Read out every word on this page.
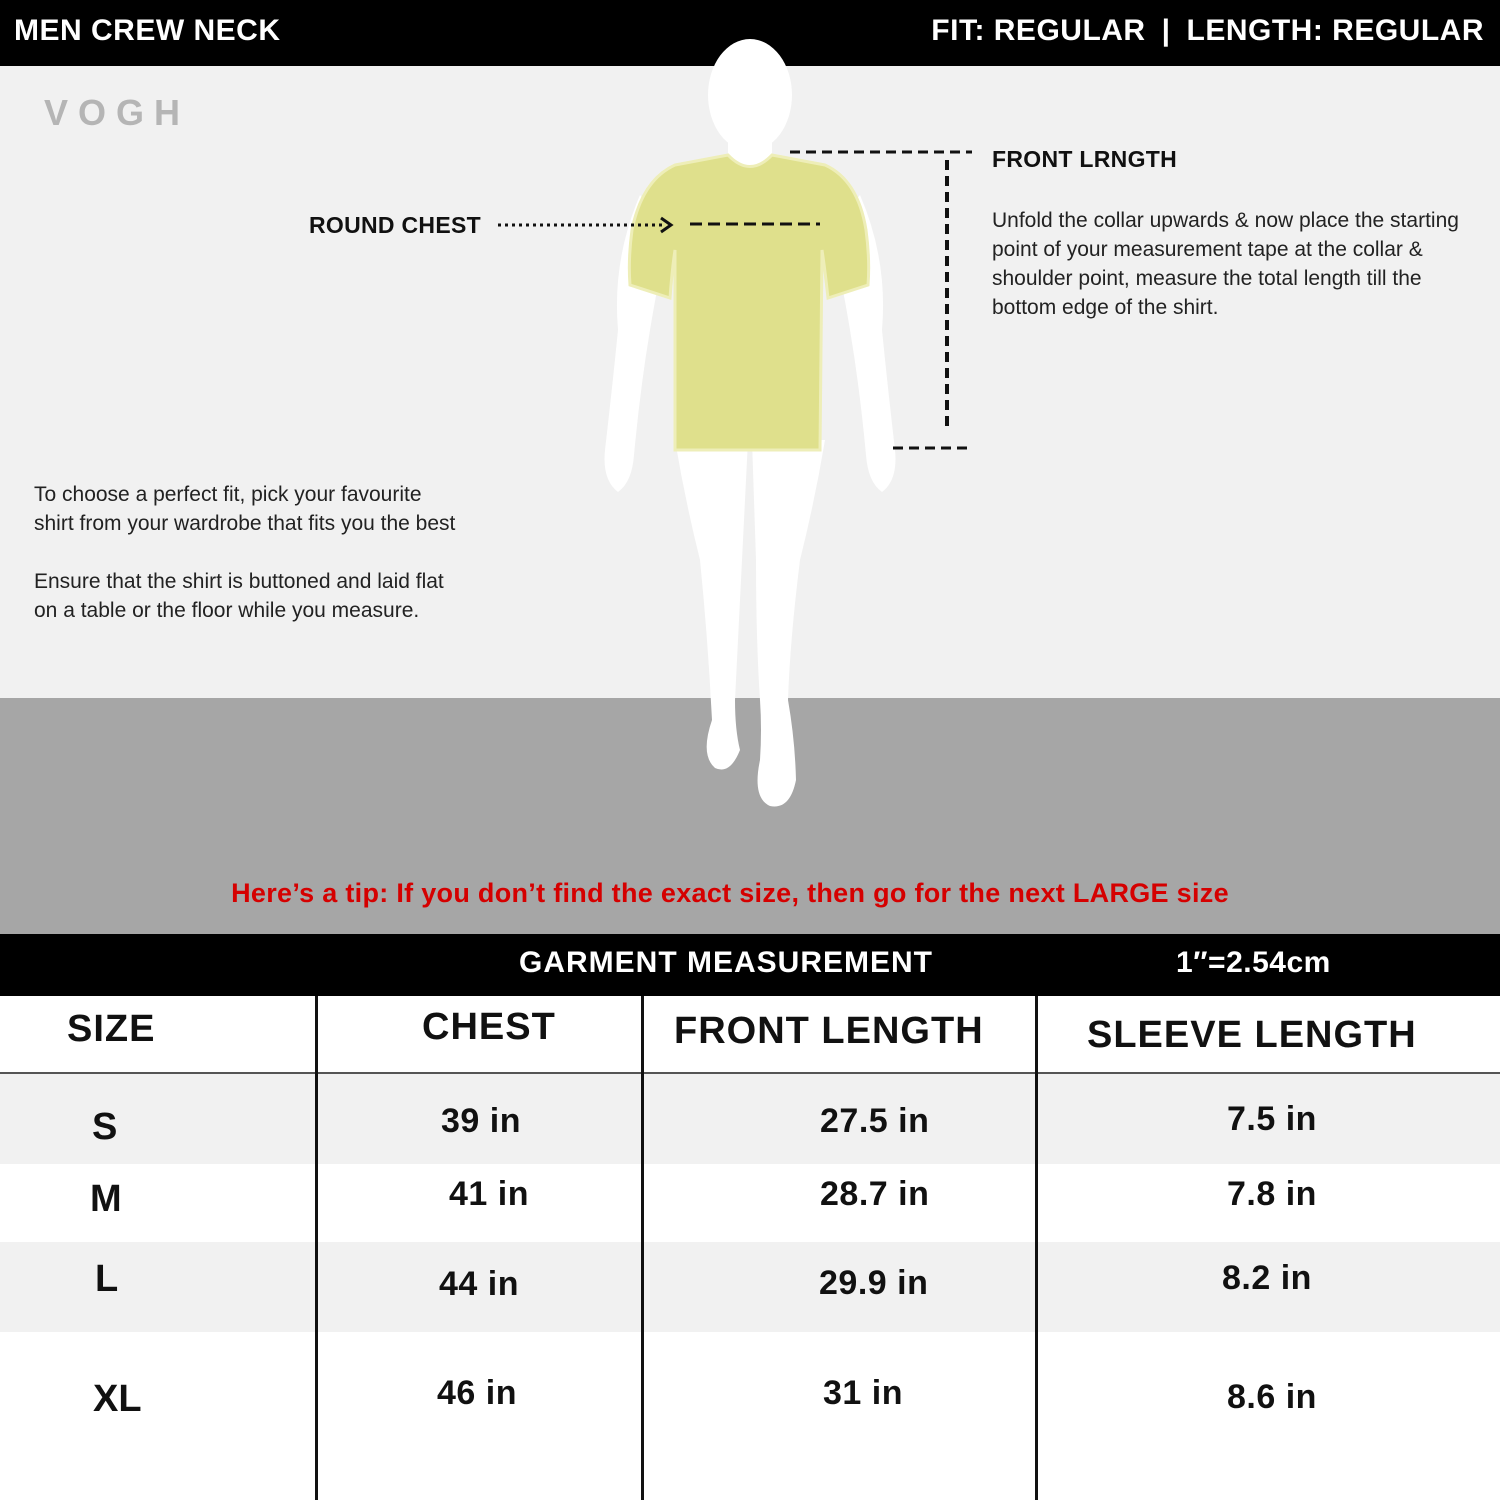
MEN CREW NECK	FIT: REGULAR | LENGTH: REGULAR
VOGH
ROUND CHEST
FRONT LRNGTH
Unfold the collar upwards & now place the starting point of your measurement tape at the collar & shoulder point, measure the total length till the bottom edge of the shirt.

To choose a perfect fit, pick your favourite shirt from your wardrobe that fits you the best

Ensure that the shirt is buttoned and laid flat on a table or the floor while you measure.

Here’s a tip: If you don’t find the exact size, then go for the next LARGE size
GARMENT MEASUREMENT	1″=2.54cm
SIZE	CHEST	FRONT LENGTH	SLEEVE LENGTH
S	39 in	27.5 in	7.5 in
M	41 in	28.7 in	7.8 in
L	44 in	29.9 in	8.2 in
XL	46 in	31 in	8.6 in
